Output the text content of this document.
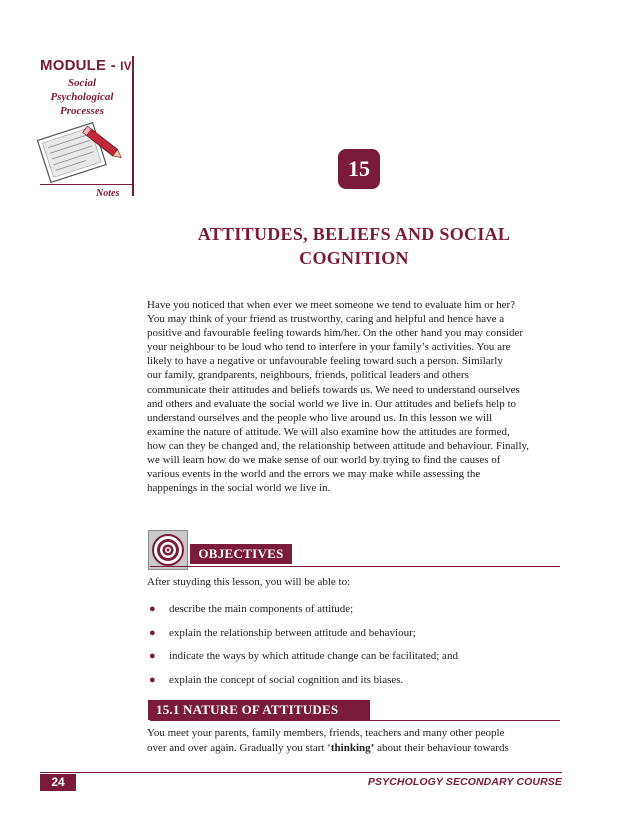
MODULE - IV
Social
Psychological
Processes
Notes
15
ATTITUDES, BELIEFS AND SOCIAL
COGNITION
Have you noticed that when ever we meet someone we tend to evaluate him or her?
You may think of your friend as trustworthy, caring and helpful and hence have a
positive and favourable feeling towards him/her. On the other hand you may consider
your neighbour to be loud who tend to interfere in your family’s activities. You are
likely to have a negative or unfavourable feeling toward such a person. Similarly
our family, grandparents, neighbours, friends, political leaders and others
communicate their attitudes and beliefs towards us. We need to understand ourselves
and others and evaluate the social world we live in. Our attitudes and beliefs help to
understand ourselves and the people who live around us. In this lesson we will
examine the nature of attitude. We will also examine how the attitudes are formed,
how can they be changed and, the relationship between attitude and behaviour. Finally,
we will learn how do we make sense of our world by trying to find the causes of
various events in the world and the errors we may make while assessing the
happenings in the social world we live in.
OBJECTIVES
After stuyding this lesson, you will be able to:
● describe the main components of attitude;
● explain the relationship between attitude and behaviour;
● indicate the ways by which attitude change can be facilitated; and
● explain the concept of social cognition and its biases.
15.1 NATURE OF ATTITUDES
You meet your parents, family members, friends, teachers and many other people
over and over again. Gradually you start ‘thinking’ about their behaviour towards
24	PSYCHOLOGY SECONDARY COURSE
